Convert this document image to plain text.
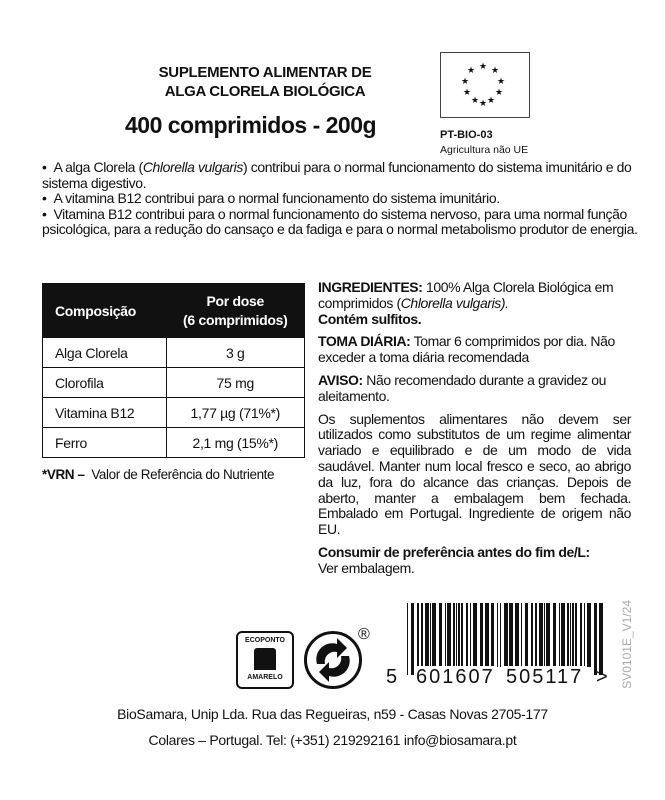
SUPLEMENTO ALIMENTAR DE
ALGA CLORELA BIOLÓGICA
400 comprimidos - 200g
★
★ ★
★	★
★	★
★ ★
★
PT-BIO-03
Agricultura não UE
•  A alga Clorela (Chlorella vulgaris) contribui para o normal funcionamento do sistema imunitário e do sistema digestivo.
•  A vitamina B12 contribui para o normal funcionamento do sistema imunitário.
•  Vitamina B12 contribui para o normal funcionamento do sistema nervoso, para uma normal função psicológica, para a redução do cansaço e da fadiga e para o normal metabolismo produtor de energia.
Composição	Por dose
(6 comprimidos)
Alga Clorela	3 g
Clorofila	75 mg
Vitamina B12	1,77 µg (71%*)
Ferro	2,1 mg (15%*)
*VRN – Valor de Referência do Nutriente

INGREDIENTES: 100% Alga Clorela Biológica em comprimidos (Chlorella vulgaris).
Contém sulfitos.

TOMA DIÁRIA: Tomar 6 comprimidos por dia. Não exceder a toma diária recomendada

AVISO: Não recomendado durante a gravidez ou aleitamento.

Os suplementos alimentares não devem ser utilizados como substitutos de um regime alimentar variado e equilibrado e de um modo de vida saudável. Manter num local fresco e seco, ao abrigo da luz, fora do alcance das crianças. Depois de aberto, manter a embalagem bem fechada. Embalado em Portugal. Ingrediente de origem não EU.

Consumir de preferência antes do fim de/L:
Ver embalagem.

ECOPONTO
AMARELO
®
5 601607 505117 > SV0101E_V1/24
BioSamara, Unip Lda. Rua das Regueiras, n59 - Casas Novas 2705-177
Colares – Portugal. Tel: (+351) 219292161 info@biosamara.pt
